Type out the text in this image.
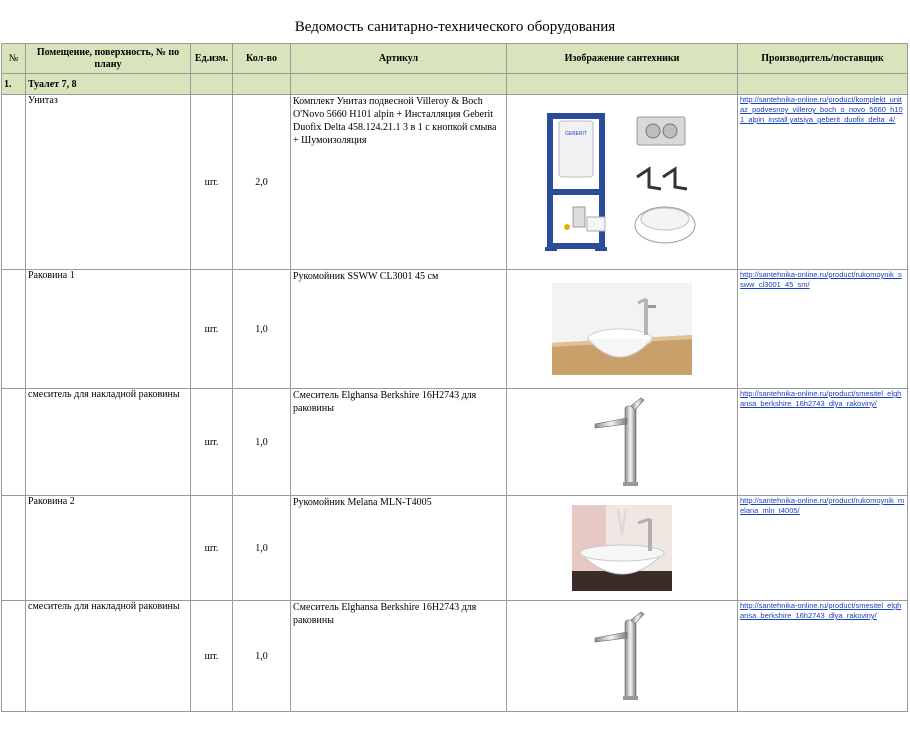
Ведомость санитарно-технического оборудования
№	Помещение, поверхность, № по плану	Ед.изм.	Кол-во	Артикул	Изображение сантехники	Производитель/поставщик
1.	Туалет 7, 8					
	Унитаз	шт.	2,0	Комплект Унитаз подвесной Villeroy & Boch O'Novo 5660 H101 alpin + Инсталляция Geberit Duofix Delta 458.124.21.1 3 в 1 с кнопкой смыва + Шумоизоляция	GEBERIT	http://santehnika-online.ru/product/komplekt_unitaz_podvesnoy_villeroy_boch_o_novo_5660_h101_alpin_install yatsiya_geberit_duofix_delta_4/

	Раковина 1	шт.	1,0	Рукомойник SSWW CL3001 45 см		http://santehnika-online.ru/product/rukomoynik_ssww_cl3001_45_sm/

	смеситель для накладной раковины	шт.	1,0	Смеситель Elghansa Berkshire 16H2743 для раковины		http://santehnika-online.ru/product/smesitel_elghansa_berkshire_16h2743_dlya_rakoviny/

	Раковина 2	шт.	1,0	Рукомойник Melana MLN-T4005		http://santehnika-online.ru/product/rukomoynik_melana_mln_t4005/

	смеситель для накладной раковины	шт.	1,0	Смеситель Elghansa Berkshire 16H2743 для раковины		http://santehnika-online.ru/product/smesitel_elghansa_berkshire_16h2743_dlya_rakoviny/
